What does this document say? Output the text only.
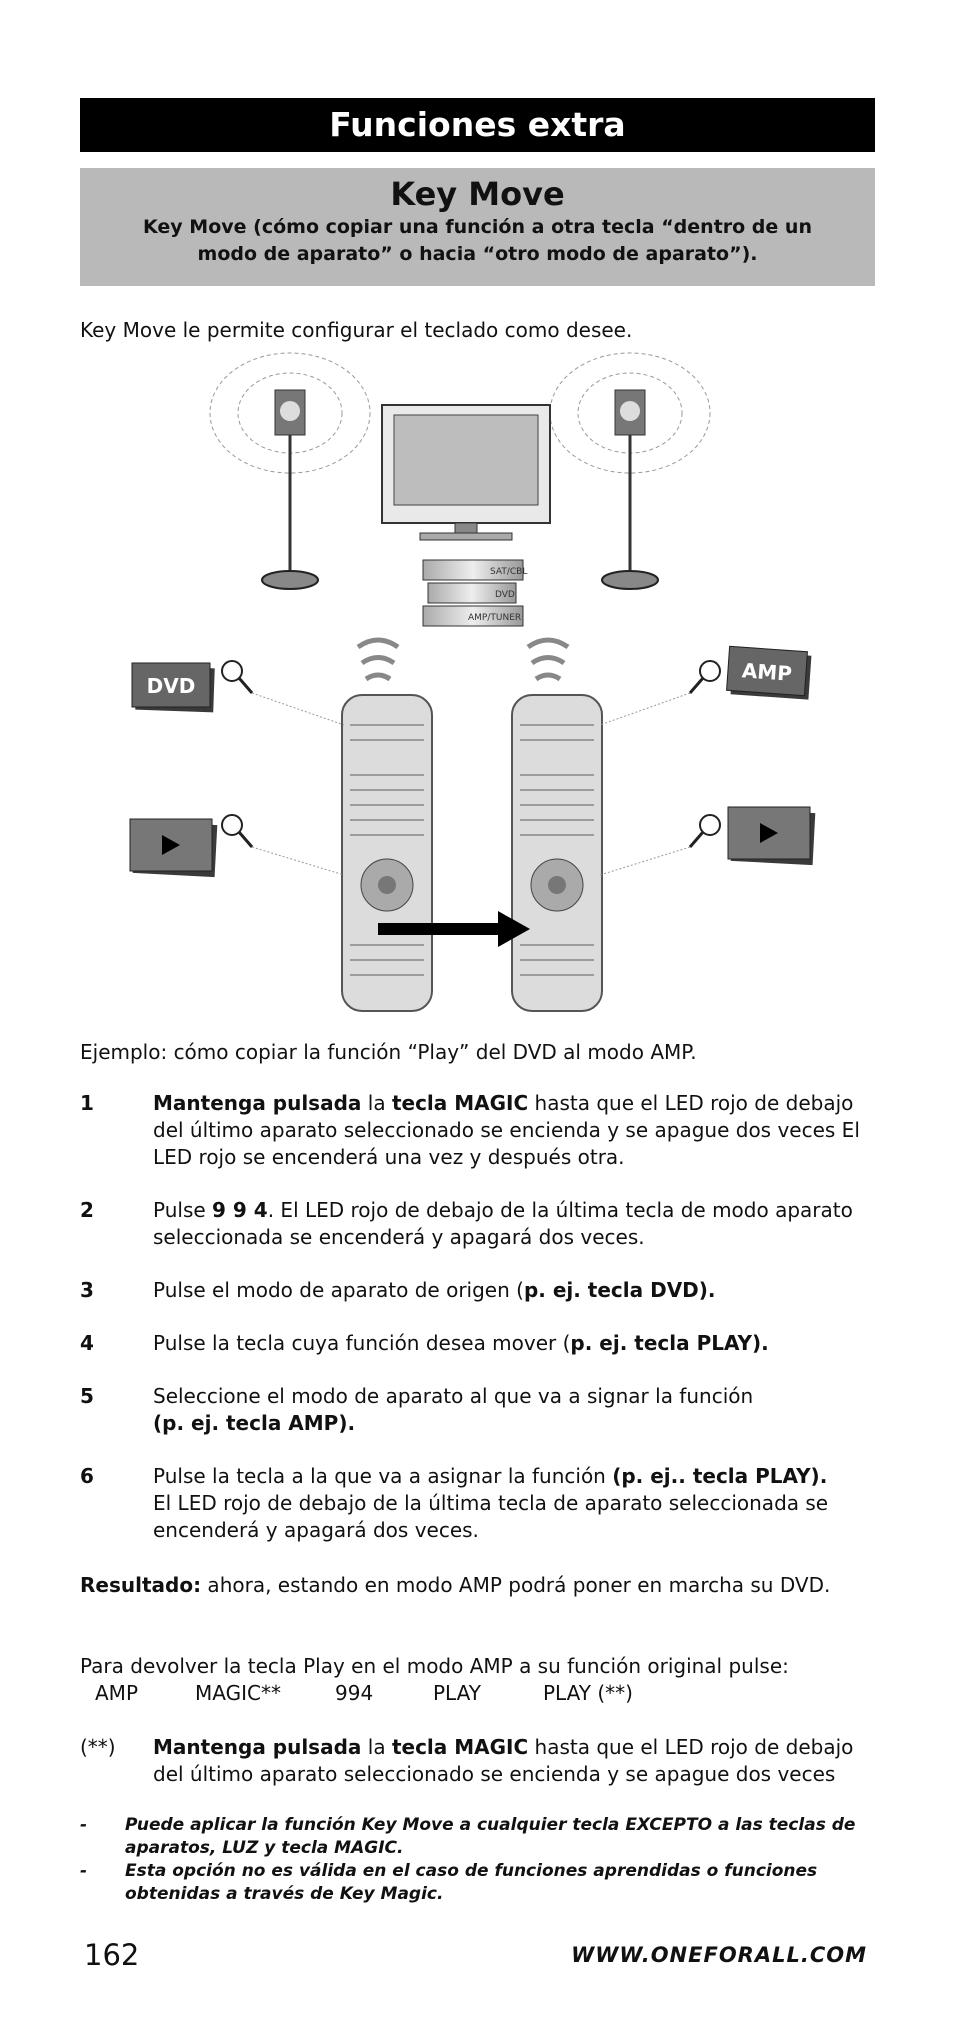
Funciones extra
Key Move
Key Move (cómo copiar una función a otra tecla “dentro de un modo de aparato” o hacia “otro modo de aparato”).
Key Move le permite configurar el teclado como desee.
SAT/CBL
DVD
AMP/TUNER
DVD
AMP
Ejemplo: cómo copiar la función “Play” del DVD al modo AMP.
1	Mantenga pulsada la tecla MAGIC hasta que el LED rojo de debajo del último aparato seleccionado se encienda y se apague dos veces El LED rojo se encenderá una vez y después otra.
2	Pulse 9 9 4. El LED rojo de debajo de la última tecla de modo aparato seleccionada se encenderá y apagará dos veces.
3	Pulse el modo de aparato de origen (p. ej. tecla DVD).
4	Pulse la tecla cuya función desea mover (p. ej. tecla PLAY).
5	Seleccione el modo de aparato al que va a signar la función
(p. ej. tecla AMP).
6	Pulse la tecla a la que va a asignar la función (p. ej.. tecla PLAY).
El LED rojo de debajo de la última tecla de aparato seleccionada se encenderá y apagará dos veces.
Resultado: ahora, estando en modo AMP podrá poner en marcha su DVD.
Para devolver la tecla Play en el modo AMP a su función original pulse:
AMP	MAGIC**	994	PLAY	PLAY (**)
(**)	Mantenga pulsada la tecla MAGIC hasta que el LED rojo de debajo del último aparato seleccionado se encienda y se apague dos veces
-	Puede aplicar la función Key Move a cualquier tecla EXCEPTO a las teclas de aparatos, LUZ y tecla MAGIC.
-	Esta opción no es válida en el caso de funciones aprendidas o funciones obtenidas a través de Key Magic.
162	WWW.ONEFORALL.COM
